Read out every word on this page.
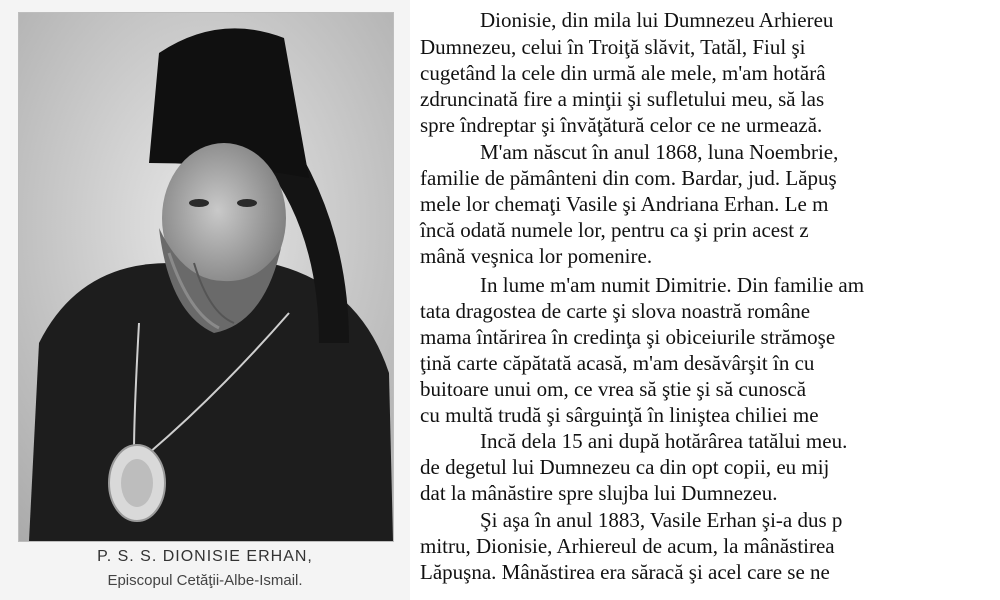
P. S. S. DIONISIE ERHAN,
Episcopul Cetăţii-Albe-Ismail.
Dionisie, din mila lui Dumnezeu Arhiereu
Dumnezeu, celui în Troiţă slăvit, Tatăl, Fiul şi
cugetând la cele din urmă ale mele, m'am hotărâ
zdruncinată fire a minţii şi sufletului meu, să las
spre îndreptar şi învăţătură celor ce ne urmează.
M'am născut în anul 1868, luna Noembrie,
familie de pământeni din com. Bardar, jud. Lăpuş
mele lor chemaţi Vasile şi Andriana Erhan. Le m
încă odată numele lor, pentru ca şi prin acest z
mână veşnica lor pomenire.
In lume m'am numit Dimitrie. Din familie am
tata dragostea de carte şi slova noastră române
mama întărirea în credinţa şi obiceiurile strămoşe
ţină carte căpătată acasă, m'am desăvârşit în cu
buitoare unui om, ce vrea să ştie şi să cunoscă
cu multă trudă şi sârguinţă în liniştea chiliei me
Incă dela 15 ani după hotărârea tatălui meu.
de degetul lui Dumnezeu ca din opt copii, eu mij
dat la mânăstire spre slujba lui Dumnezeu.
Şi aşa în anul 1883, Vasile Erhan şi-a dus p
mitru, Dionisie, Arhiereul de acum, la mânăstirea
Lăpuşna. Mânăstirea era săracă şi acel care se ne
